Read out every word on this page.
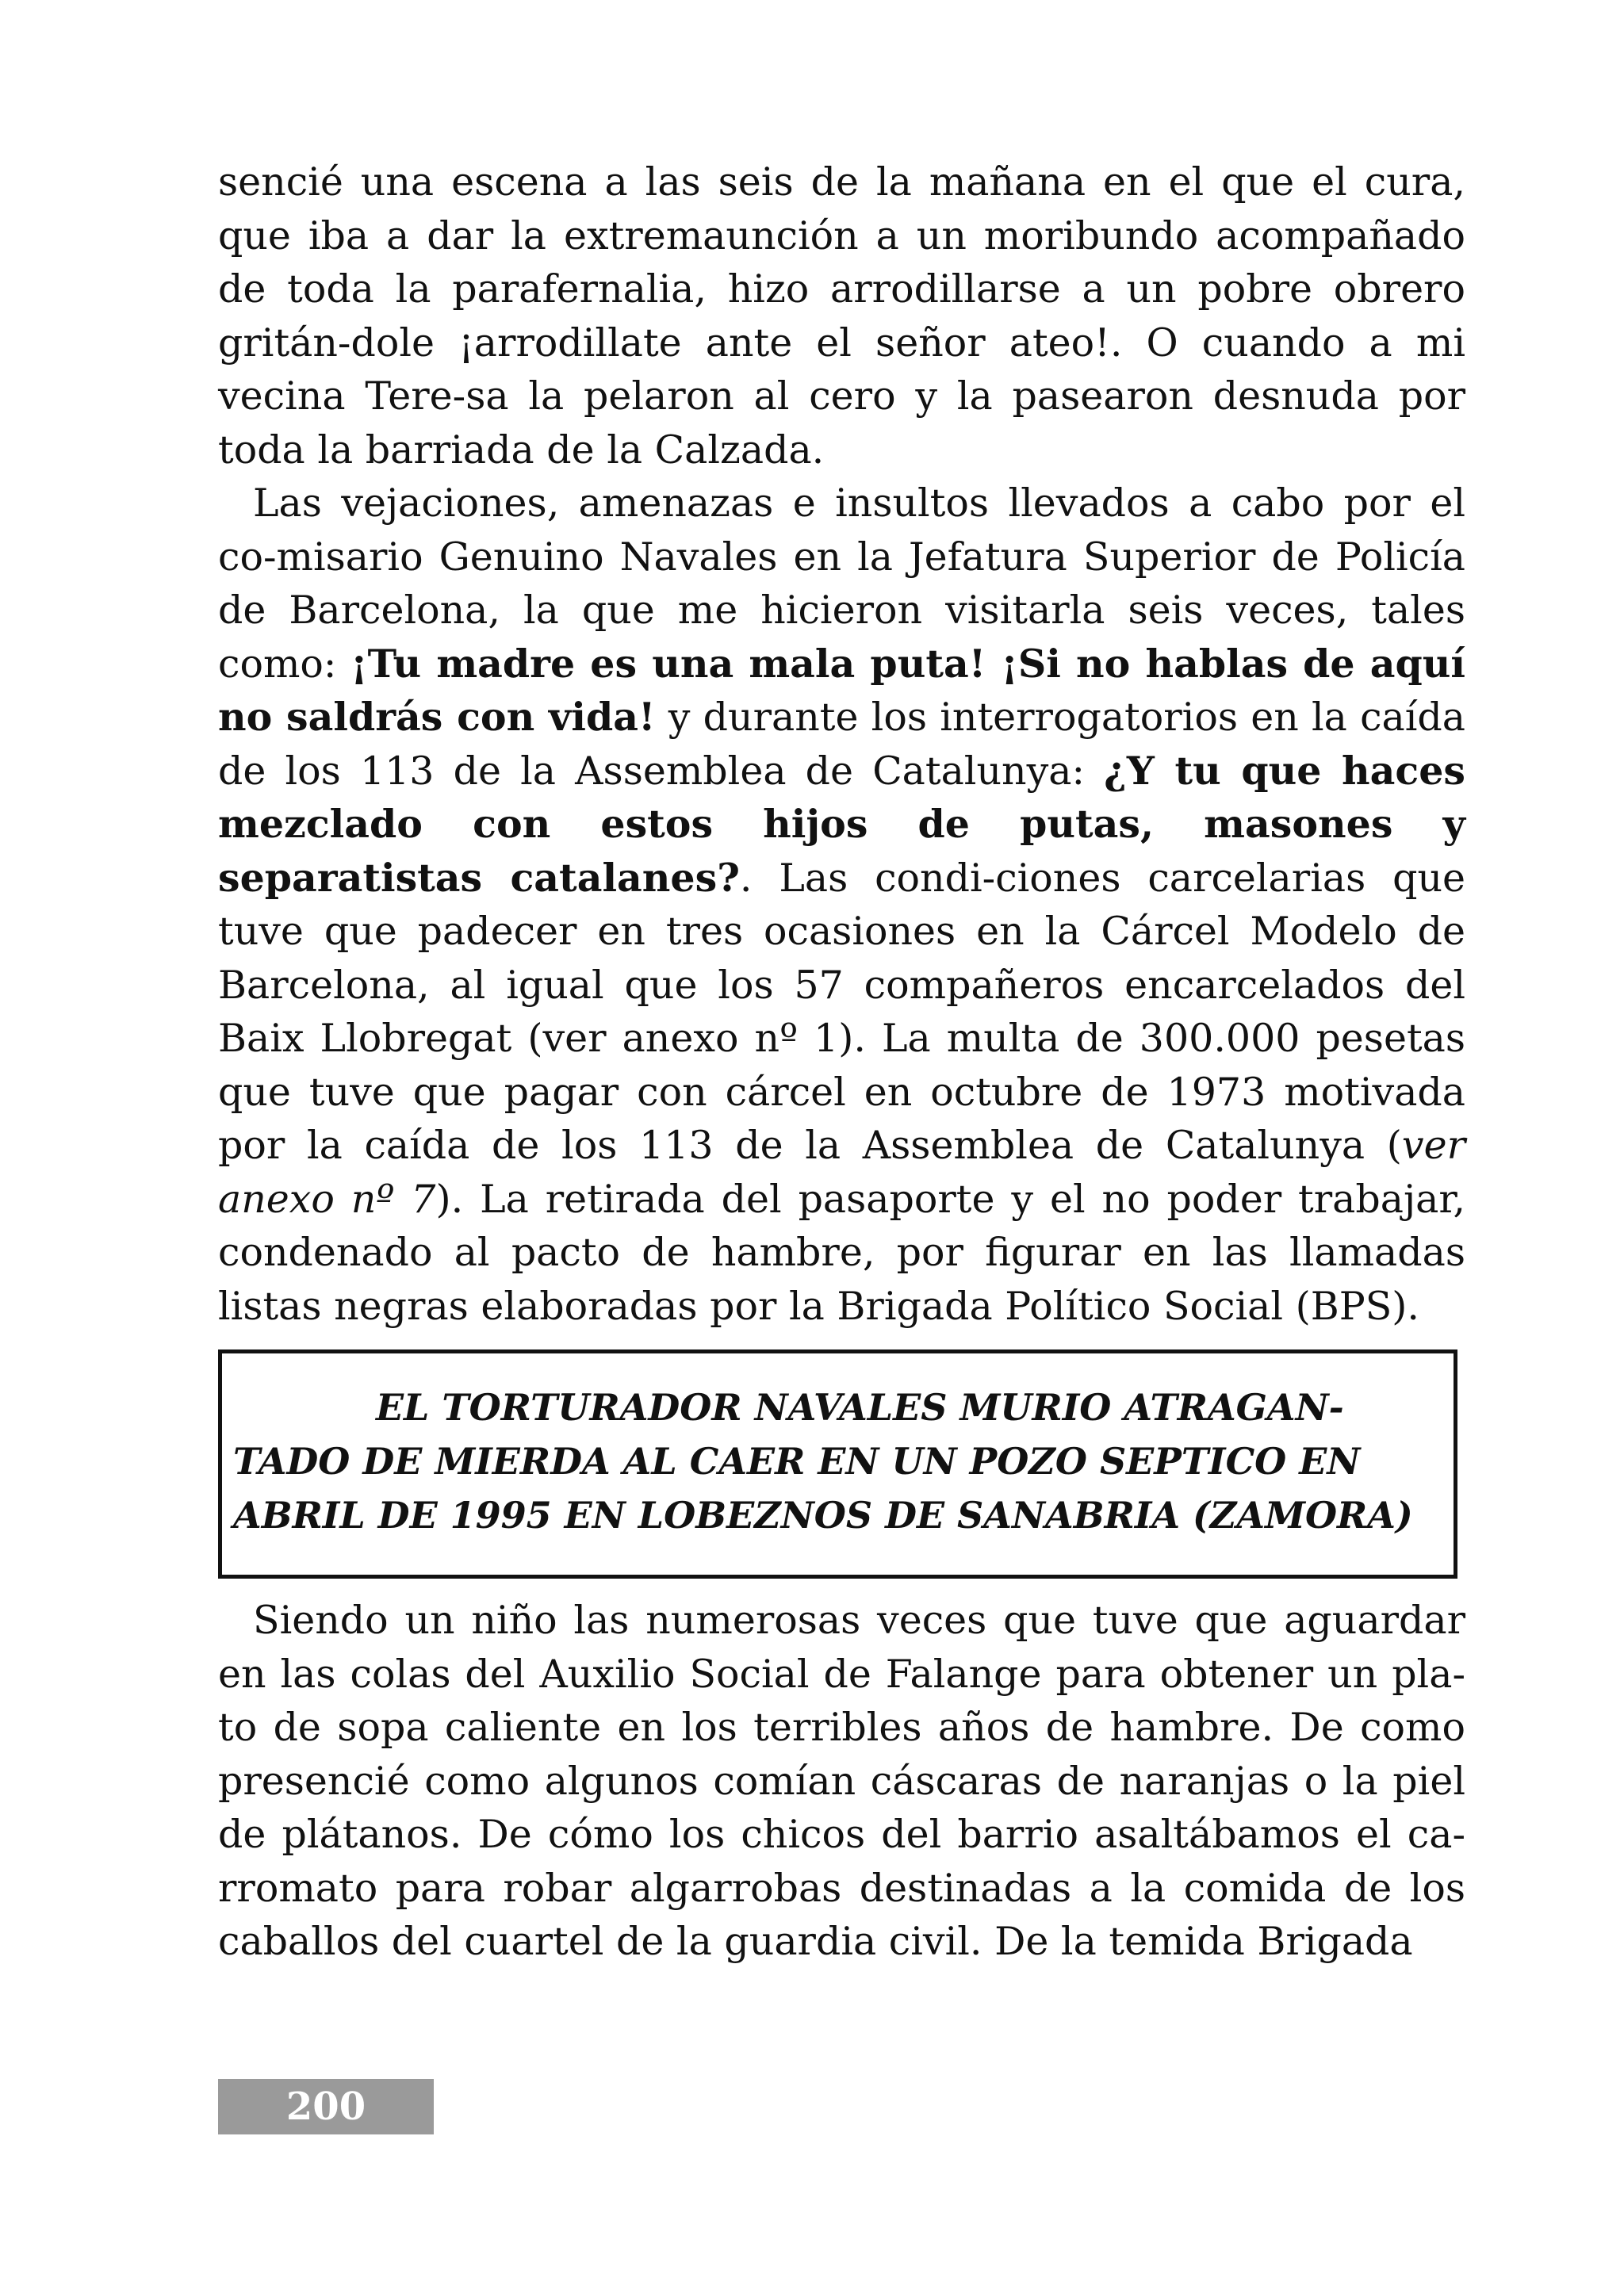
sencié una escena a las seis de la mañana en el que el cura, que iba a dar la extremaunción a un moribundo acompañado de toda la parafernalia, hizo arrodillarse a un pobre obrero gritán-dole ¡arrodillate ante el señor ateo!. O cuando a mi vecina Tere-sa la pelaron al cero y la pasearon desnuda por toda la barriada de la Calzada.

Las vejaciones, amenazas e insultos llevados a cabo por el co-misario Genuino Navales en la Jefatura Superior de Policía de Barcelona, la que me hicieron visitarla seis veces, tales como: ¡Tu madre es una mala puta! ¡Si no hablas de aquí no saldrás con vida! y durante los interrogatorios en la caída de los 113 de la Assemblea de Catalunya: ¿Y tu que haces mezclado con estos hijos de putas, masones y separatistas catalanes?. Las condi-ciones carcelarias que tuve que padecer en tres ocasiones en la Cárcel Modelo de Barcelona, al igual que los 57 compañeros encarcelados del Baix Llobregat (ver anexo nº 1). La multa de 300.000 pesetas que tuve que pagar con cárcel en octubre de 1973 motivada por la caída de los 113 de la Assemblea de Catalunya (ver anexo nº 7). La retirada del pasaporte y el no poder trabajar, condenado al pacto de hambre, por figurar en las llamadas listas negras elaboradas por la Brigada Político Social (BPS).

EL TORTURADOR NAVALES MURIO ATRAGAN-
TADO DE MIERDA AL CAER EN UN POZO SEPTICO EN
ABRIL DE 1995 EN LOBEZNOS DE SANABRIA (ZAMORA)

Siendo un niño las numerosas veces que tuve que aguardar en las colas del Auxilio Social de Falange para obtener un pla-to de sopa caliente en los terribles años de hambre. De como presencié como algunos comían cáscaras de naranjas o la piel de plátanos. De cómo los chicos del barrio asaltábamos el ca-rromato para robar algarrobas destinadas a la comida de los caballos del cuartel de la guardia civil. De la temida Brigada

200
